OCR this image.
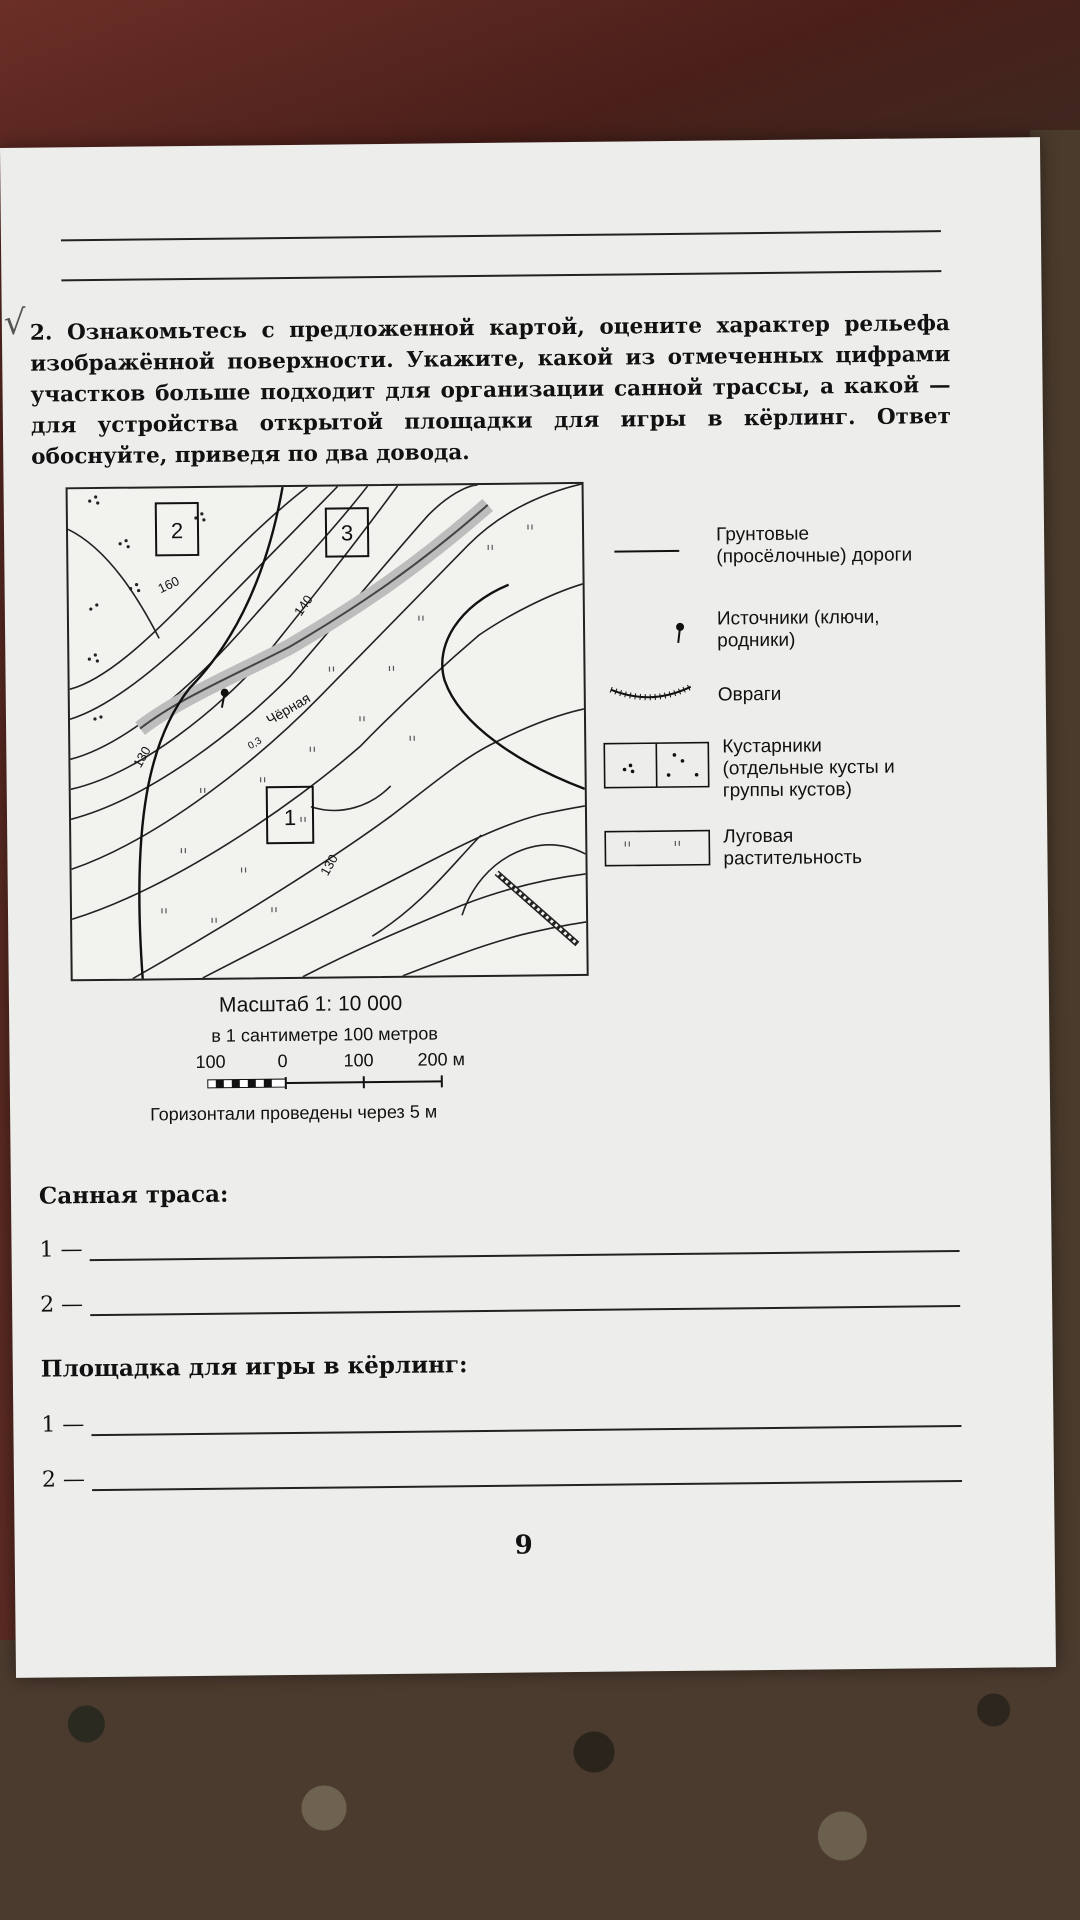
√ 2. Ознакомьтесь с предложенной картой, оцените характер рельефа изображённой поверхности. Укажите, какой из отмеченных цифрами участков больше подходит для организации санной трассы, а какой — для устройства открытой площадки для игры в кёрлинг. Ответ обоснуйте, приведя по два довода.
1
2	3
160
140
130
130
Чёрная
0,3
Грунтовые (просёлочные) дороги
Источники (ключи, родники)
Овраги
Кустарники (отдельные кусты и группы кустов)
Луговая растительность
Масштаб 1: 10 000
в 1 сантиметре 100 метров
100	0	100 200 м
Горизонтали проведены через 5 м
Санная траса:
1 —
2 —
Площадка для игры в кёрлинг:
1 —
2 —
9
